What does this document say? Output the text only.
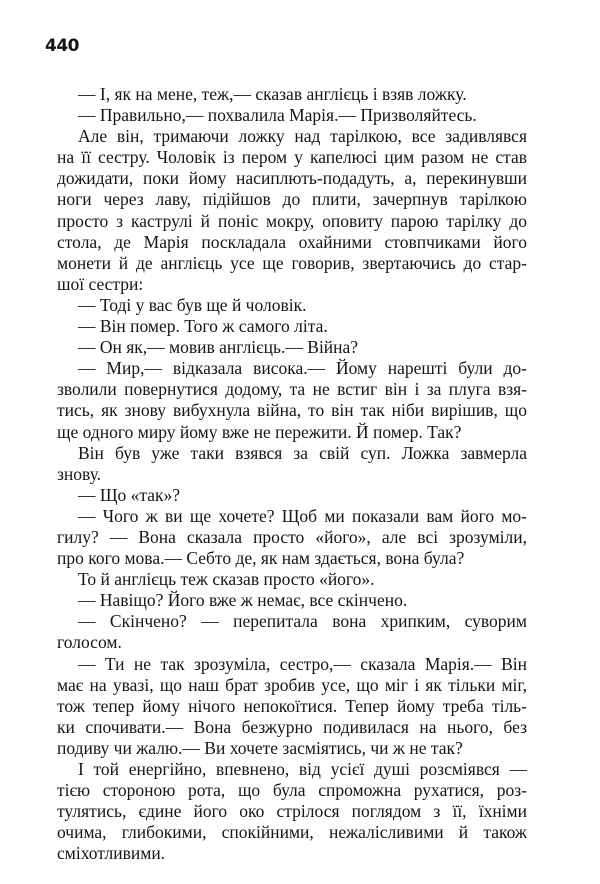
440
— І, як на мене, теж,— сказав англієць і взяв ложку.
— Правильно,— похвалила Марія.— Призволяйтесь.
Але він, тримаючи ложку над тарілкою, все задивлявся
на її сестру. Чоловік із пером у капелюсі цим разом не став
дожидати, поки йому насиплють-подадуть, а, перекинувши
ноги через лаву, підійшов до плити, зачерпнув тарілкою
просто з каструлі й поніс мокру, оповиту парою тарілку до
стола, де Марія поскладала охайними стовпчиками його
монети й де англієць усе ще говорив, звертаючись до стар-
шої сестри:
— Тоді у вас був ще й чоловік.
— Він помер. Того ж самого літа.
— Он як,— мовив англієць.— Війна?
— Мир,— відказала висока.— Йому нарешті були до-
зволили повернутися додому, та не встиг він і за плуга взя-
тись, як знову вибухнула війна, то він так ніби вирішив, що
ще одного миру йому вже не пережити. Й помер. Так?
Він був уже таки взявся за свій суп. Ложка завмерла
знову.
— Що «так»?
— Чого ж ви ще хочете? Щоб ми показали вам його мо-
гилу? — Вона сказала просто «його», але всі зрозуміли,
про кого мова.— Себто де, як нам здається, вона була?
То й англієць теж сказав просто «його».
— Навіщо? Його вже ж немає, все скінчено.
— Скінчено? — перепитала вона хрипким, суворим
голосом.
— Ти не так зрозуміла, сестро,— сказала Марія.— Він
має на увазі, що наш брат зробив усе, що міг і як тільки міг,
тож тепер йому нічого непокоїтися. Тепер йому треба тіль-
ки спочивати.— Вона безжурно подивилася на нього, без
подиву чи жалю.— Ви хочете засміятись, чи ж не так?
І той енергійно, впевнено, від усієї душі розсміявся —
тією стороною рота, що була спроможна рухатися, роз-
тулятись, єдине його око стрілося поглядом з її, їхніми
очима, глибокими, спокійними, нежалісливими й також
сміхотливими.
